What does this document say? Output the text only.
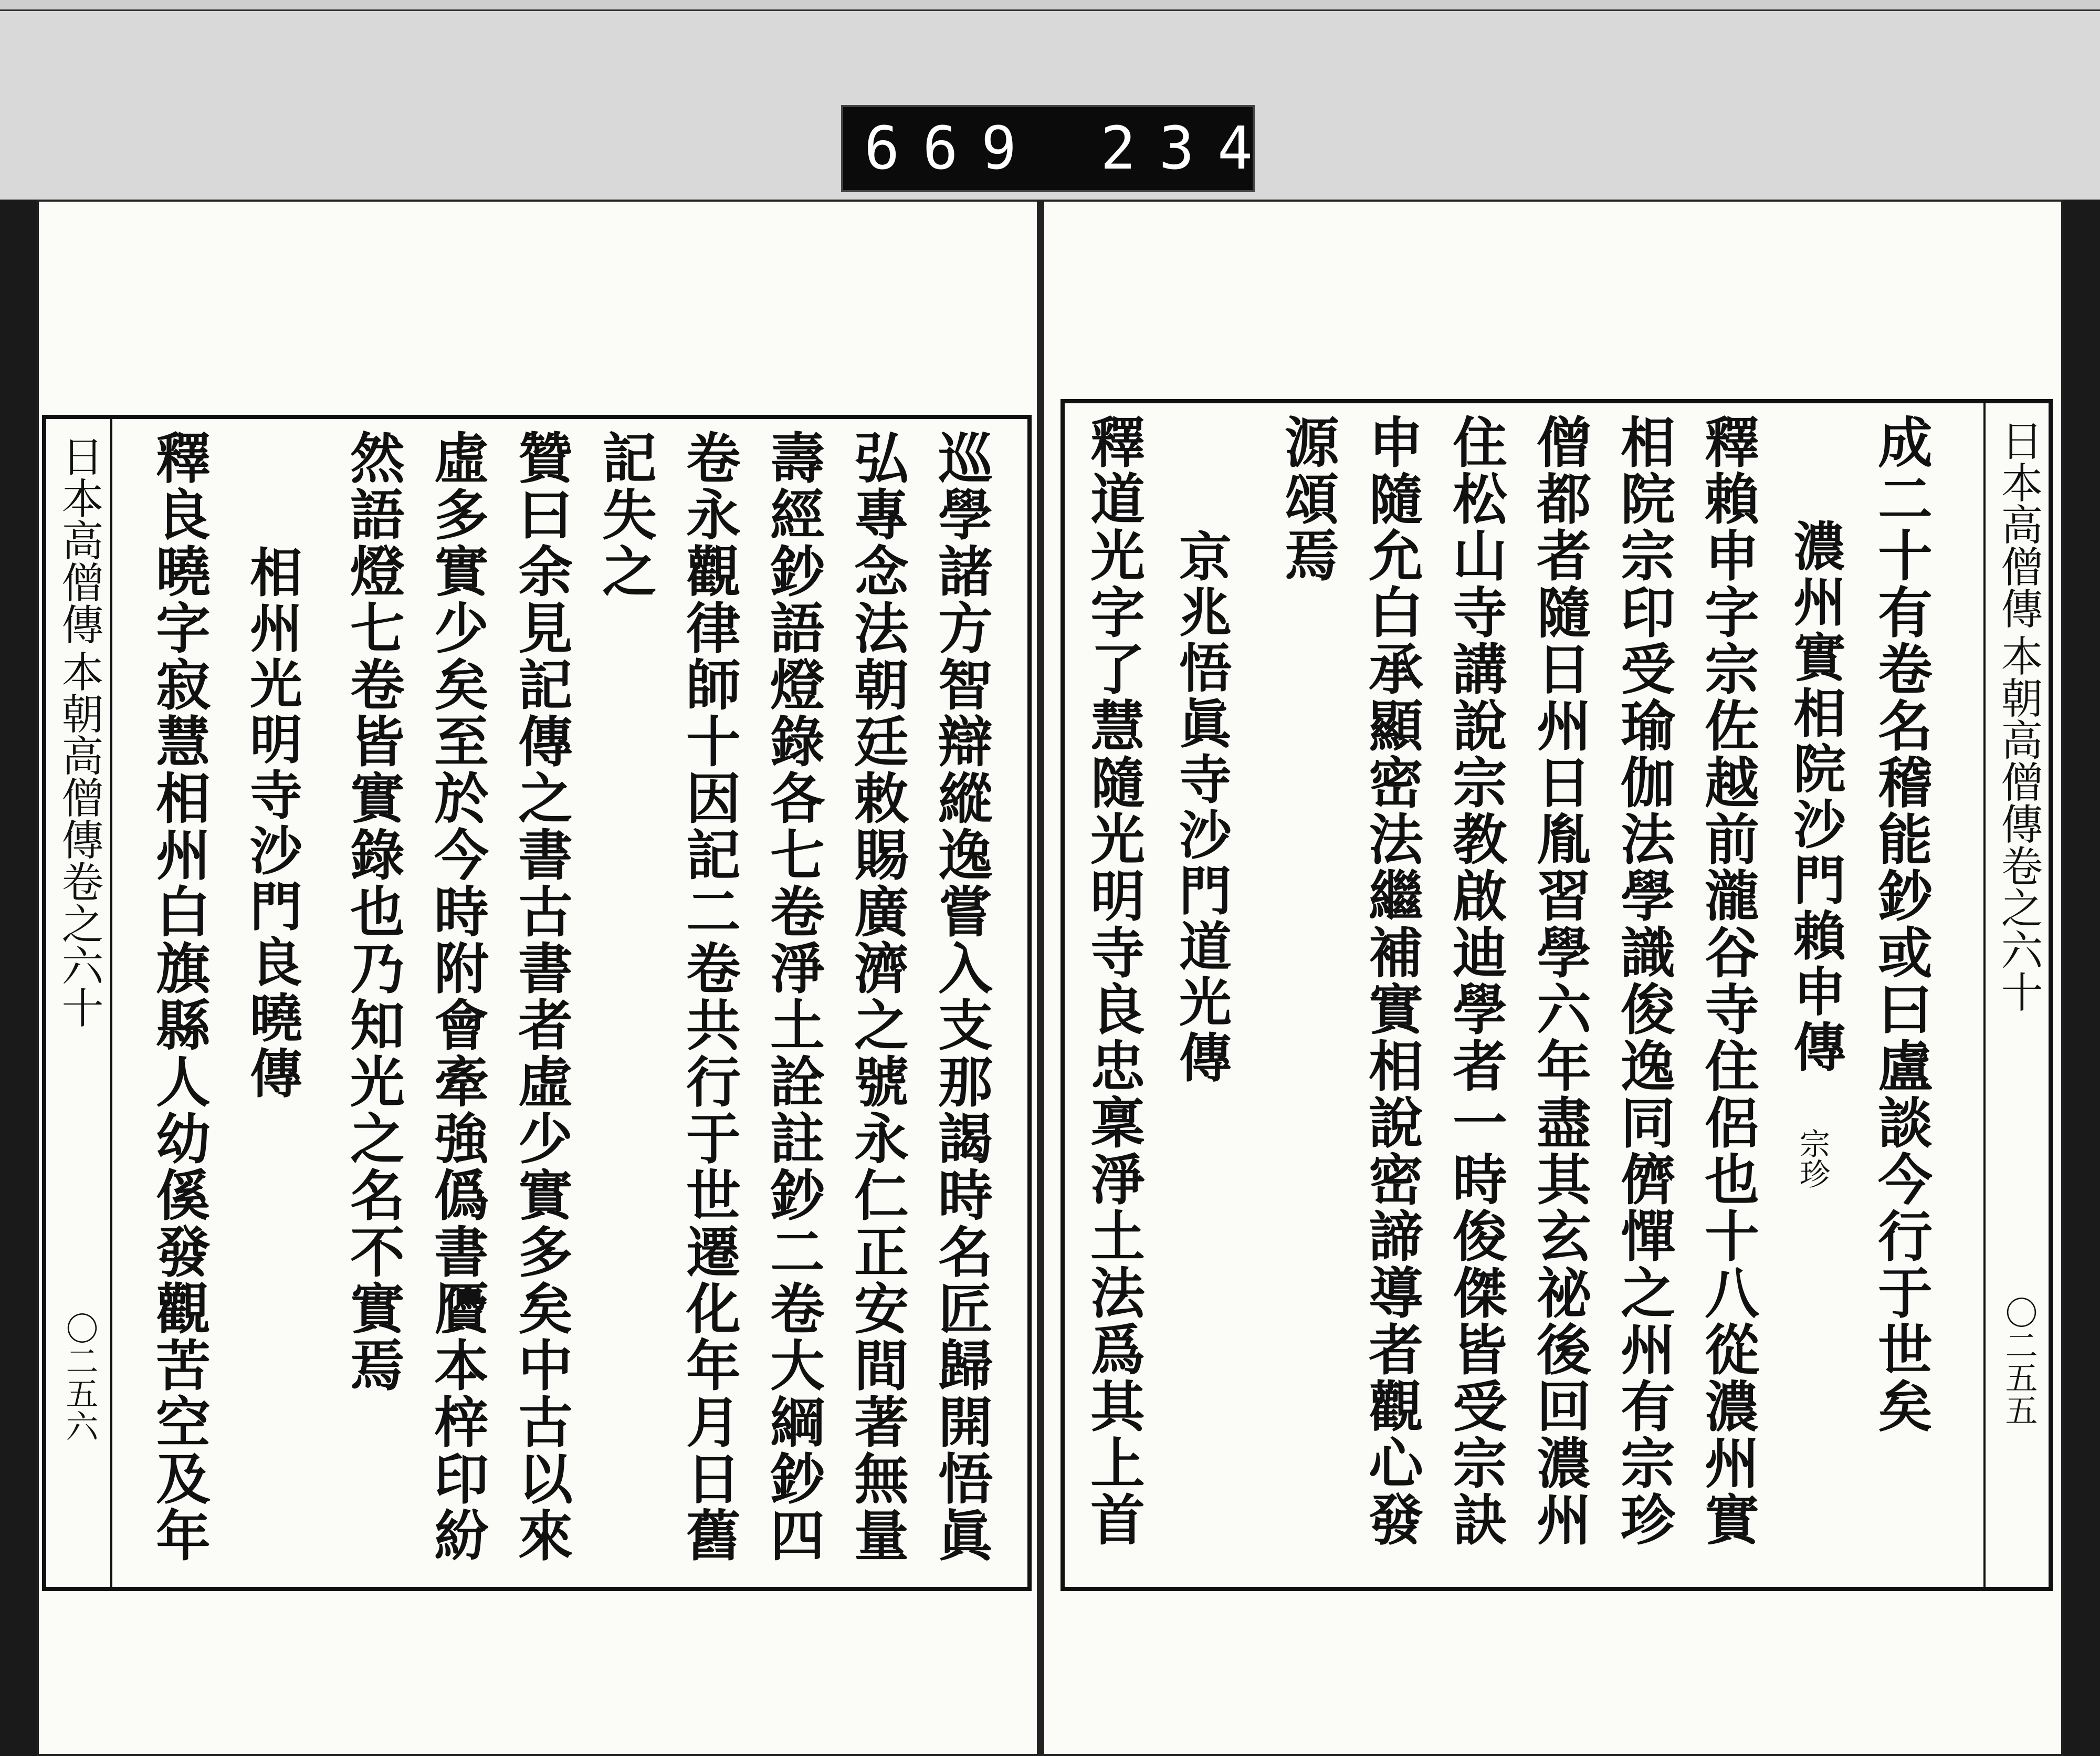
669 234
日本高僧傳
本朝高僧傳卷之六十
〇二五六	巡學諸方智辯縱逸嘗入支那謁時名匠歸開悟眞
弘專念法朝廷敕賜廣濟之號永仁正安間著無量
壽經鈔語燈錄各七卷淨土詮註鈔二卷大綱鈔四
卷永觀律師十因記二卷共行于世遷化年月日舊
記失之
贊曰余見記傳之書古書者虛少實多矣中古以來
虛多實少矣至於今時附會牽強僞書贗本梓印紛
然語燈七卷皆實錄也乃知光之名不實焉
相州光明寺沙門良曉傳
釋良曉字寂慧相州白旗縣人幼傒發觀苦空及年	成二十有卷名稽能鈔或曰盧談今行于世矣
濃州實相院沙門賴申傳
宗珍
釋賴申字宗佐越前瀧谷寺住侶也十八從濃州實
相院宗印受瑜伽法學識俊逸同儕憚之州有宗珍
僧都者隨日州日胤習學六年盡其玄祕後回濃州
住松山寺講說宗教啟迪學者一時俊傑皆受宗訣
申隨允白承顯密法繼補實相說密諦導者觀心發
源頌焉
京兆悟眞寺沙門道光傳
釋道光字了慧隨光明寺良忠稟淨土法爲其上首	日本高僧傳
本朝高僧傳卷之六十
〇二五五
